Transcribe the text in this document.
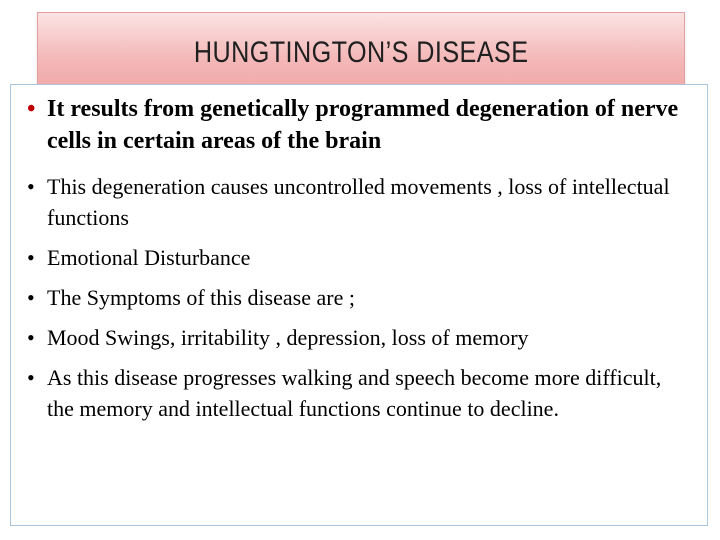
HUNGTINGTON’S DISEASE
• It results from genetically programmed degeneration of nerve cells in certain areas of the brain
• This degeneration causes uncontrolled movements , loss of intellectual functions
• Emotional Disturbance
• The Symptoms of this disease are ;
• Mood Swings, irritability , depression, loss of memory
• As this disease progresses walking and speech become more difficult, the memory and intellectual functions continue to decline.
